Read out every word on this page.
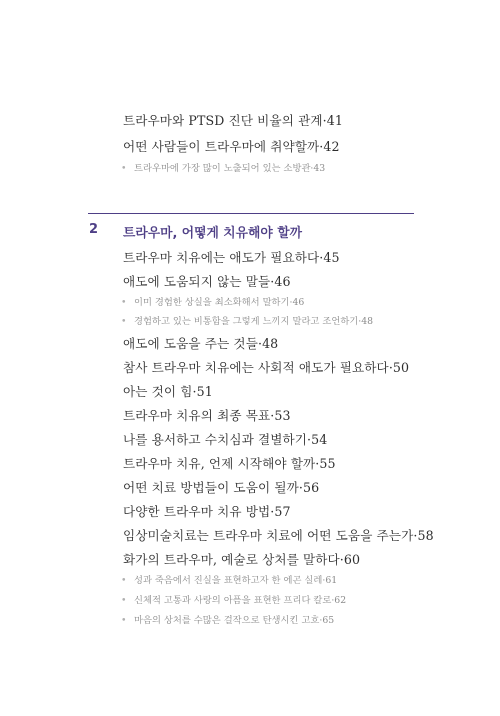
트라우마와 PTSD 진단 비율의 관계·41
어떤 사람들이 트라우마에 취약할까·42
• 트라우마에 가장 많이 노출되어 있는 소방관·43
2 트라우마, 어떻게 치유해야 할까
트라우마 치유에는 애도가 필요하다·45
애도에 도움되지 않는 말들·46
• 이미 경험한 상실을 최소화해서 말하기·46
• 경험하고 있는 비통함을 그렇게 느끼지 말라고 조언하기·48
애도에 도움을 주는 것들·48
참사 트라우마 치유에는 사회적 애도가 필요하다·50
아는 것이 힘·51
트라우마 치유의 최종 목표·53
나를 용서하고 수치심과 결별하기·54
트라우마 치유, 언제 시작해야 할까·55
어떤 치료 방법들이 도움이 될까·56
다양한 트라우마 치유 방법·57
임상미술치료는 트라우마 치료에 어떤 도움을 주는가·58
화가의 트라우마, 예술로 상처를 말하다·60
• 성과 죽음에서 진실을 표현하고자 한 에곤 실레·61
• 신체적 고통과 사랑의 아픔을 표현한 프리다 칼로·62
• 마음의 상처를 수많은 걸작으로 탄생시킨 고흐·65
